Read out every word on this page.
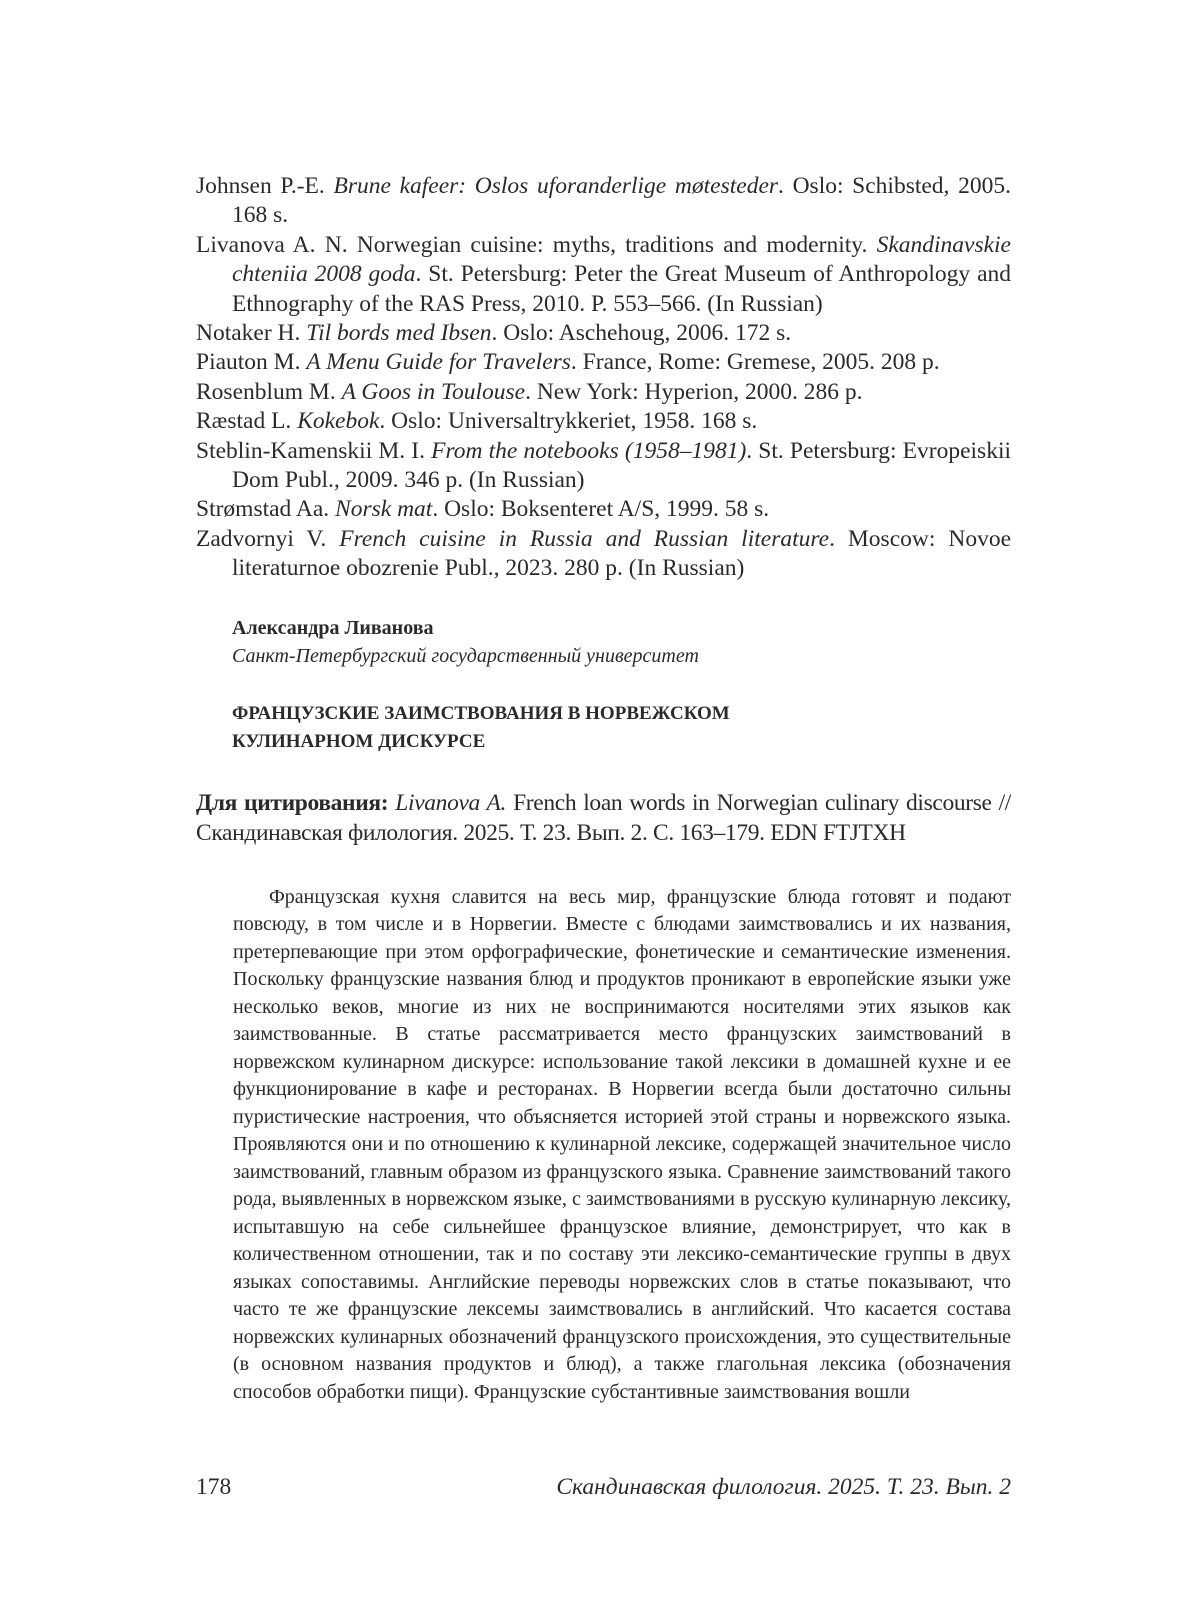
Johnsen P.-E. Brune kafeer: Oslos uforanderlige møtesteder. Oslo: Schibsted, 2005. 168 s.
Livanova A. N. Norwegian cuisine: myths, traditions and modernity. Skandinavskie chteniia 2008 goda. St. Petersburg: Peter the Great Museum of Anthropology and Ethnography of the RAS Press, 2010. P. 553–566. (In Russian)
Notaker H. Til bords med Ibsen. Oslo: Aschehoug, 2006. 172 s.
Piauton M. A Menu Guide for Travelers. France, Rome: Gremese, 2005. 208 p.
Rosenblum M. A Goos in Toulouse. New York: Hyperion, 2000. 286 p.
Ræstad L. Kokebok. Oslo: Universaltrykkeriet, 1958. 168 s.
Steblin-Kamenskii M. I. From the notebooks (1958–1981). St. Petersburg: Evropeiskii Dom Publ., 2009. 346 p. (In Russian)
Strømstad Aa. Norsk mat. Oslo: Boksenteret A/S, 1999. 58 s.
Zadvornyi V. French cuisine in Russia and Russian literature. Moscow: Novoe literaturnoe obozrenie Publ., 2023. 280 p. (In Russian)
Александра Ливанова
Санкт-Петербургский государственный университет
ФРАНЦУЗСКИЕ ЗАИМСТВОВАНИЯ В НОРВЕЖСКОМ
КУЛИНАРНОМ ДИСКУРСЕ
Для цитирования: Livanova A. French loan words in Norwegian culinary discourse // Скандинавская филология. 2025. Т. 23. Вып. 2. С. 163–179. EDN FTJTXH
Французская кухня славится на весь мир, французские блюда готовят и подают повсюду, в том числе и в Норвегии. Вместе с блюдами заимствовались и их названия, претерпевающие при этом орфографические, фонетические и семантические изменения. Поскольку французские названия блюд и продуктов проникают в европейские языки уже несколько веков, многие из них не воспринимаются носителями этих языков как заимствованные. В статье рассматривается место французских заимствований в норвежском кулинарном дискурсе: использование такой лексики в домашней кухне и ее функционирование в кафе и ресторанах. В Норвегии всегда были достаточно сильны пуристические настроения, что объясняется историей этой страны и норвежского языка. Проявляются они и по отношению к кулинарной лексике, содержащей значительное число заимствований, главным образом из французского языка. Сравнение заимствований такого рода, выявленных в норвежском языке, с заимствованиями в русскую кулинарную лексику, испытавшую на себе сильнейшее французское влияние, демонстрирует, что как в количественном отношении, так и по составу эти лексико-семантические группы в двух языках сопоставимы. Английские переводы норвежских слов в статье показывают, что часто те же французские лексемы заимствовались в английский. Что касается состава норвежских кулинарных обозначений французского происхождения, это существительные (в основном названия продуктов и блюд), а также глагольная лексика (обозначения способов обработки пищи). Французские субстантивные заимствования вошли
178	Скандинавская филология. 2025. Т. 23. Вып. 2
